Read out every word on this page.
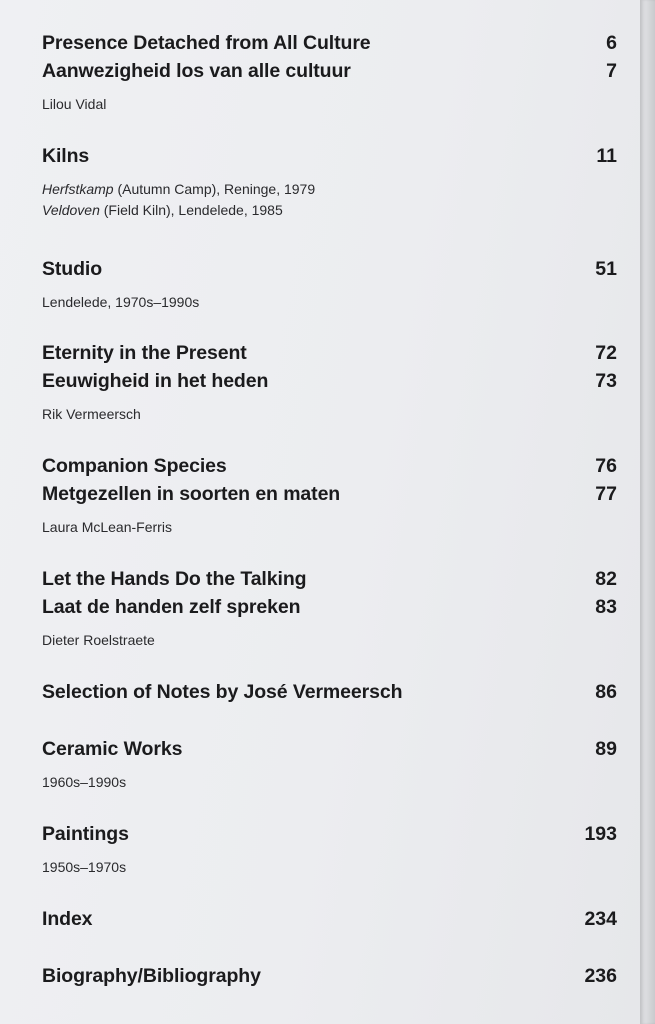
Presence Detached from All Culture	6
Aanwezigheid los van alle cultuur	7
Lilou Vidal
Kilns	11
Herfstkamp (Autumn Camp), Reninge, 1979
Veldoven (Field Kiln), Lendelede, 1985
Studio	51
Lendelede, 1970s–1990s
Eternity in the Present	72
Eeuwigheid in het heden	73
Rik Vermeersch
Companion Species	76
Metgezellen in soorten en maten	77
Laura McLean-Ferris
Let the Hands Do the Talking	82
Laat de handen zelf spreken	83
Dieter Roelstraete
Selection of Notes by José Vermeersch	86
Ceramic Works	89
1960s–1990s
Paintings	193
1950s–1970s
Index	234
Biography/Bibliography	236
